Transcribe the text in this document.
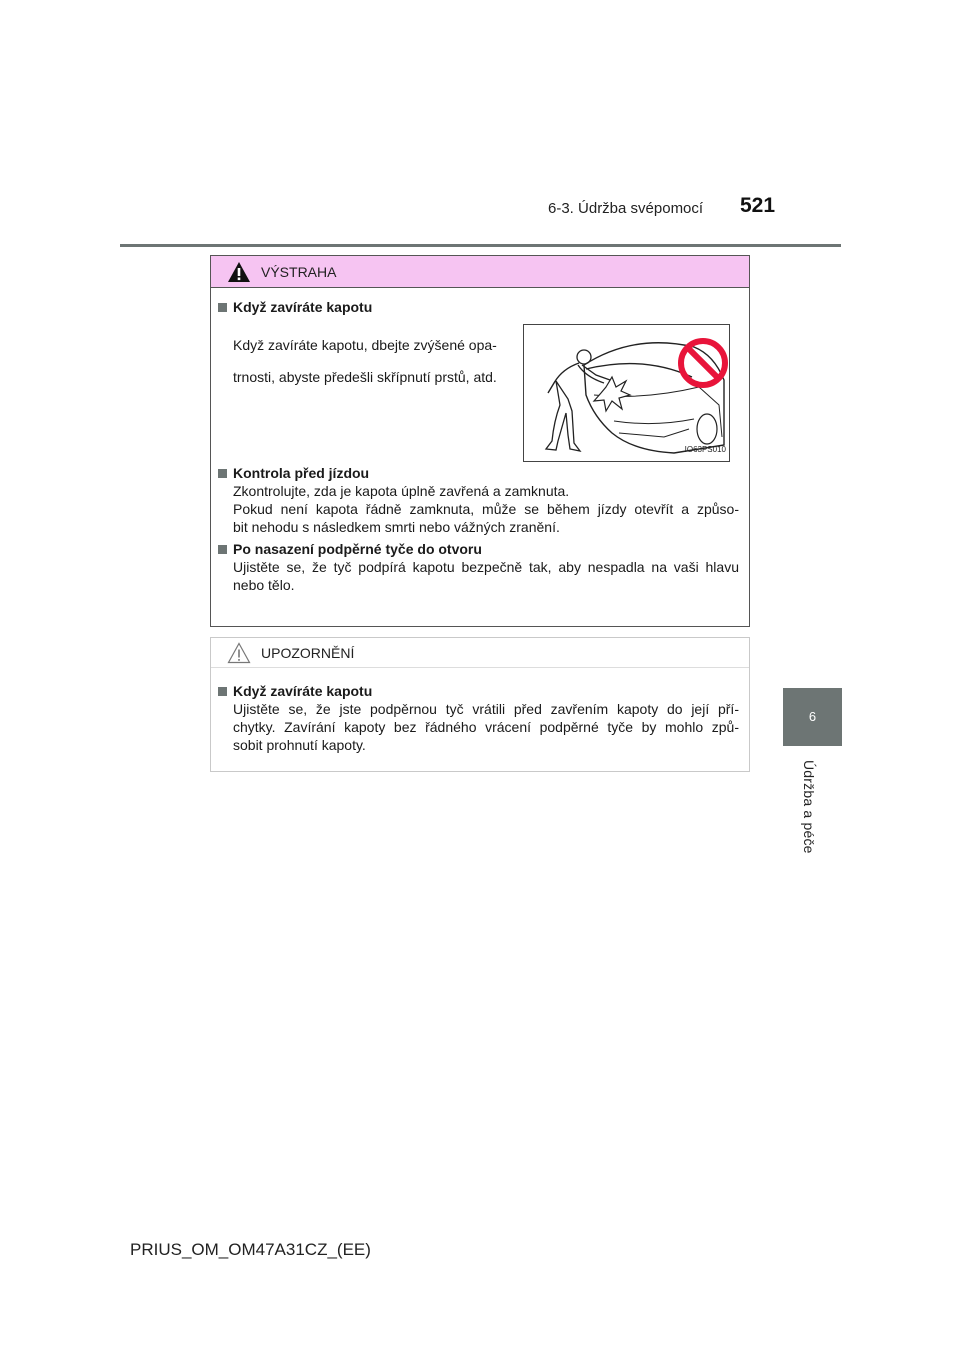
6-3. Údržba svépomocí 521
6
Údržba a péče
VÝSTRAHA
Když zavíráte kapotu

Když zavíráte kapotu, dbejte zvýšené opa-

trnosti, abyste předešli skřípnutí prstů, atd.

IO63PS010
Kontrola před jízdou

Zkontrolujte, zda je kapota úplně zavřená a zamknuta.

Pokud není kapota řádně zamknuta, může se během jízdy otevřít a způso-

bit nehodu s následkem smrti nebo vážných zranění.

Po nasazení podpěrné tyče do otvoru

Ujistěte se, že tyč podpírá kapotu bezpečně tak, aby nespadla na vaši hlavu

nebo tělo.

UPOZORNĚNÍ
Když zavíráte kapotu

Ujistěte se, že jste podpěrnou tyč vrátili před zavřením kapoty do její pří-

chytky. Zavírání kapoty bez řádného vrácení podpěrné tyče by mohlo způ-

sobit prohnutí kapoty.

PRIUS_OM_OM47A31CZ_(EE)
